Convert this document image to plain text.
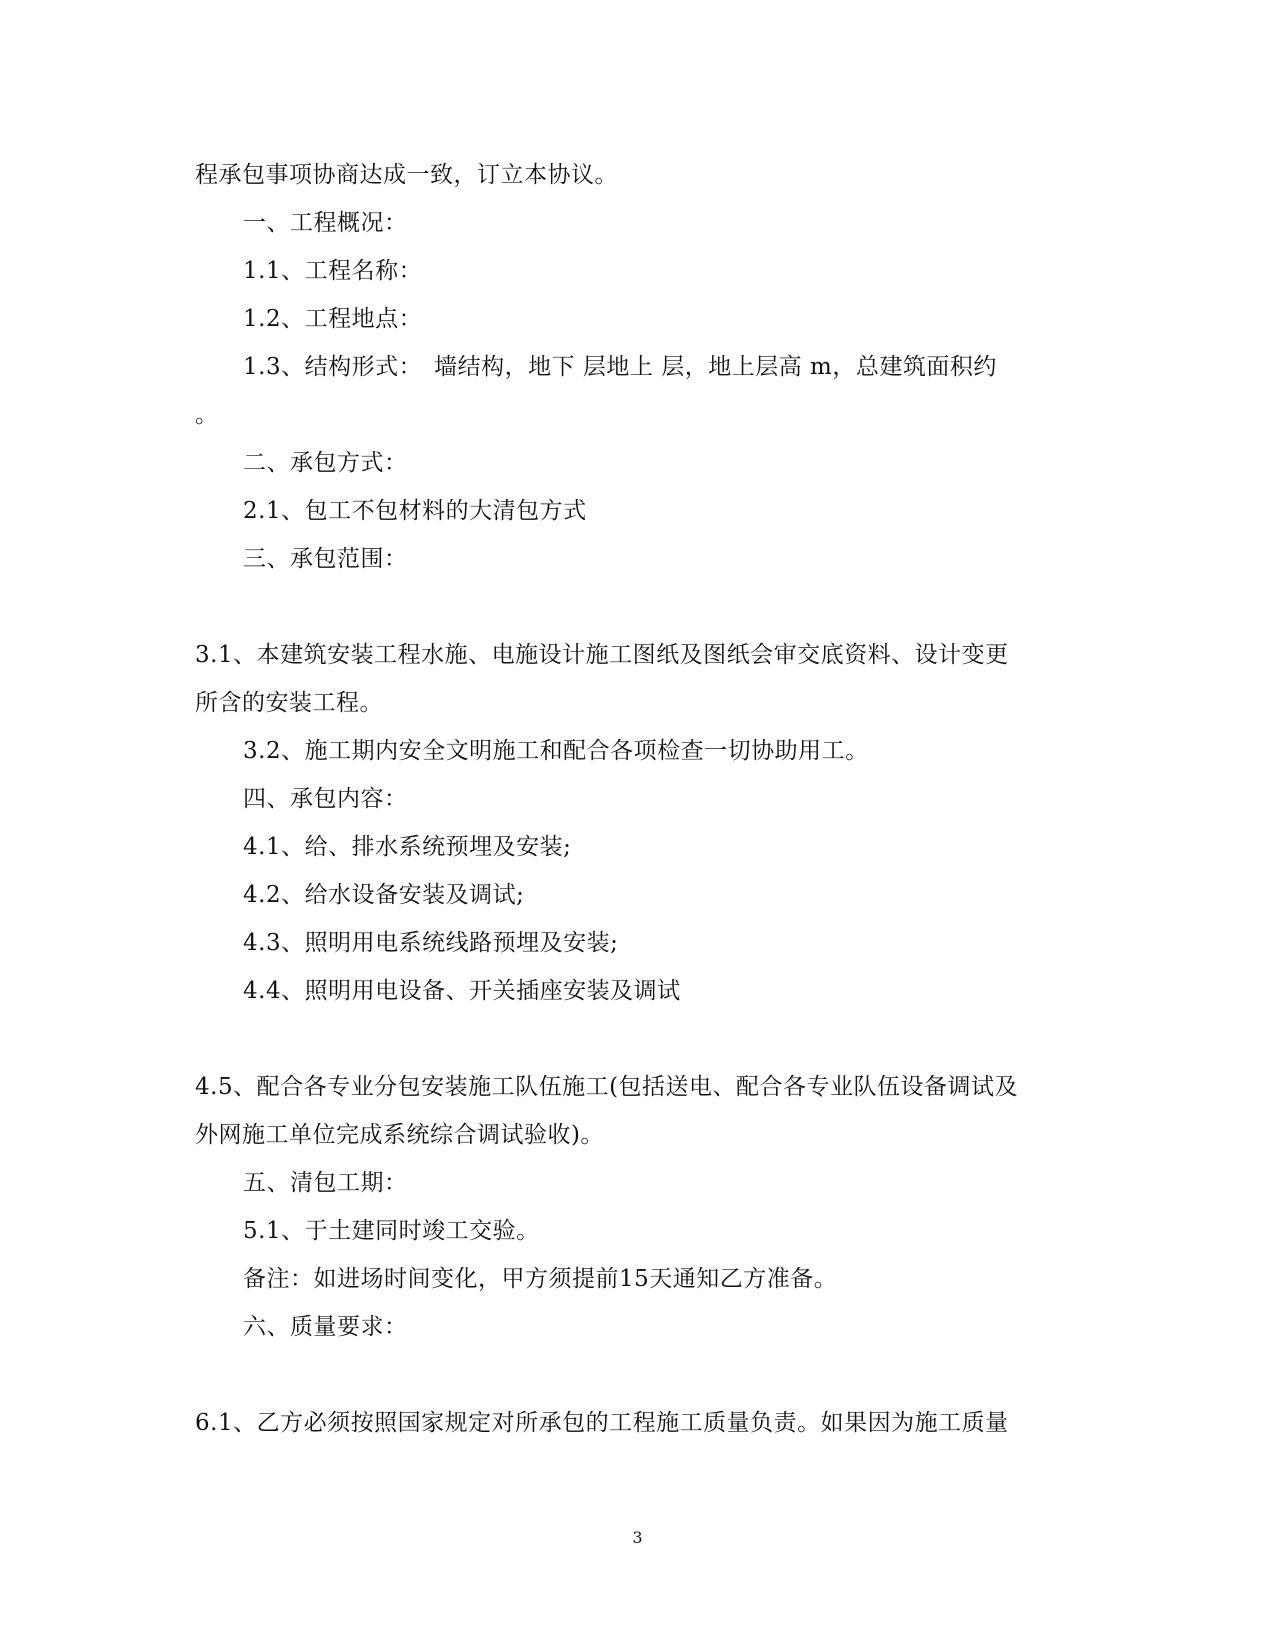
程承包事项协商达成一致，订立本协议。
一、工程概况：
1.1、工程名称：
1.2、工程地点：
1.3、结构形式：　墙结构，地下 层地上 层，地上层高 m，总建筑面积约
。
二、承包方式：
2.1、包工不包材料的大清包方式
三、承包范围：
3.1、本建筑安装工程水施、电施设计施工图纸及图纸会审交底资料、设计变更
所含的安装工程。
3.2、施工期内安全文明施工和配合各项检查一切协助用工。
四、承包内容：
4.1、给、排水系统预埋及安装;
4.2、给水设备安装及调试;
4.3、照明用电系统线路预埋及安装;
4.4、照明用电设备、开关插座安装及调试
4.5、配合各专业分包安装施工队伍施工(包括送电、配合各专业队伍设备调试及
外网施工单位完成系统综合调试验收)。
五、清包工期：
5.1、于土建同时竣工交验。
备注：如进场时间变化，甲方须提前15天通知乙方准备。
六、质量要求：
6.1、乙方必须按照国家规定对所承包的工程施工质量负责。如果因为施工质量
3
